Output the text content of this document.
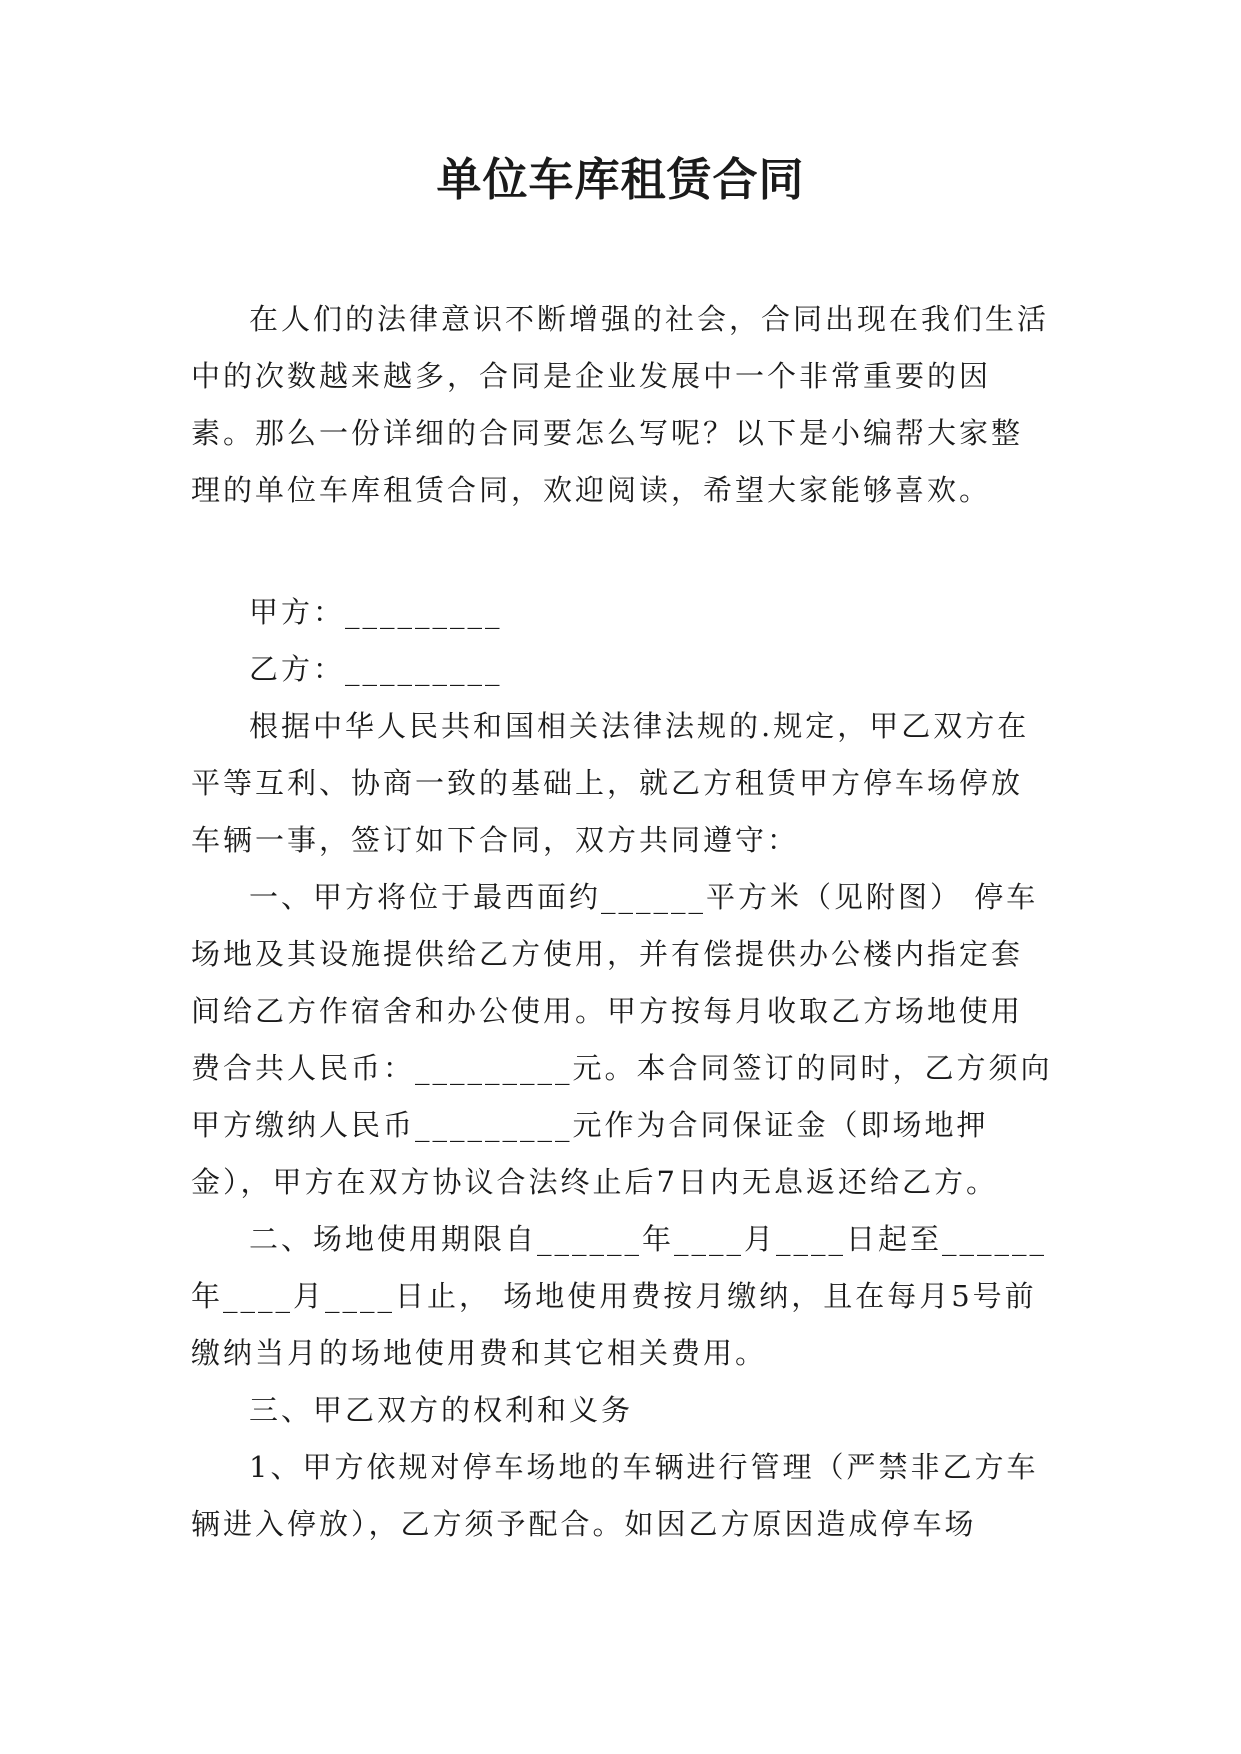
单位车库租赁合同

在人们的法律意识不断增强的社会，合同出现在我们生活中的次数越来越多，合同是企业发展中一个非常重要的因素。那么一份详细的合同要怎么写呢？以下是小编帮大家整理的单位车库租赁合同，欢迎阅读，希望大家能够喜欢。

甲方：_________

乙方：_________

根据中华人民共和国相关法律法规的.规定，甲乙双方在平等互利、协商一致的基础上，就乙方租赁甲方停车场停放车辆一事，签订如下合同，双方共同遵守：

一、甲方将位于最西面约______平方米（见附图） 停车场地及其设施提供给乙方使用，并有偿提供办公楼内指定套间给乙方作宿舍和办公使用。甲方按每月收取乙方场地使用费合共人民币：_________元。本合同签订的同时，乙方须向甲方缴纳人民币_________元作为合同保证金（即场地押金），甲方在双方协议合法终止后7日内无息返还给乙方。

二、场地使用期限自______年____月____日起至______年____月____日止， 场地使用费按月缴纳，且在每月5号前缴纳当月的场地使用费和其它相关费用。

三、甲乙双方的权利和义务

1、甲方依规对停车场地的车辆进行管理（严禁非乙方车辆进入停放），乙方须予配合。如因乙方原因造成停车场
